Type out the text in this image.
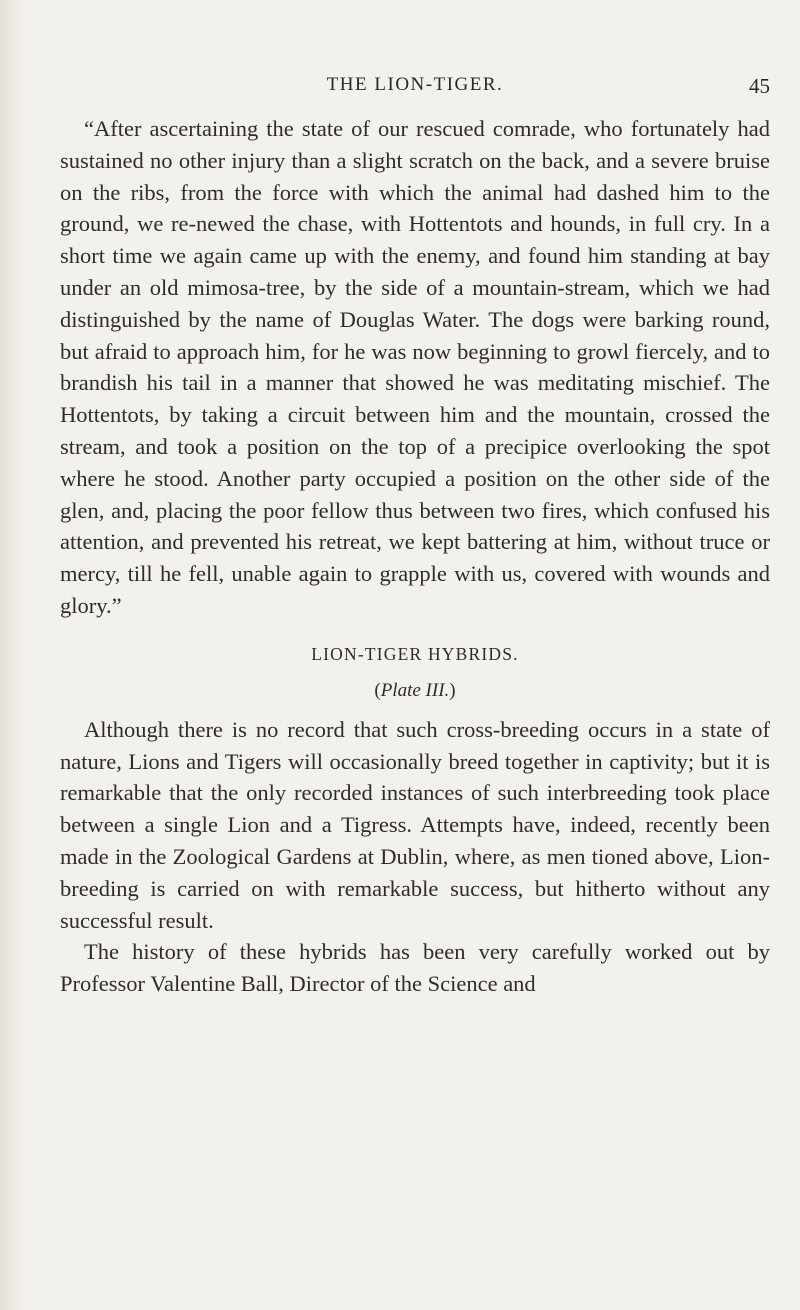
THE LION-TIGER.	45

“After ascertaining the state of our rescued comrade, who fortunately had sustained no other injury than a slight scratch on the back, and a severe bruise on the ribs, from the force with which the animal had dashed him to the ground, we re-newed the chase, with Hottentots and hounds, in full cry. In a short time we again came up with the enemy, and found him standing at bay under an old mimosa-tree, by the side of a mountain-stream, which we had distinguished by the name of Douglas Water. The dogs were barking round, but afraid to approach him, for he was now beginning to growl fiercely, and to brandish his tail in a manner that showed he was meditating mischief. The Hottentots, by taking a circuit between him and the mountain, crossed the stream, and took a position on the top of a precipice overlooking the spot where he stood. Another party occupied a position on the other side of the glen, and, placing the poor fellow thus between two fires, which confused his attention, and prevented his retreat, we kept battering at him, without truce or mercy, till he fell, unable again to grapple with us, covered with wounds and glory.”

LION-TIGER HYBRIDS.
(Plate III.)

Although there is no record that such cross-breeding occurs in a state of nature, Lions and Tigers will occasionally breed together in captivity; but it is remarkable that the only recorded instances of such interbreeding took place between a single Lion and a Tigress. Attempts have, indeed, recently been made in the Zoological Gardens at Dublin, where, as men tioned above, Lion-breeding is carried on with remarkable success, but hitherto without any successful result.

The history of these hybrids has been very carefully worked out by Professor Valentine Ball, Director of the Science and
